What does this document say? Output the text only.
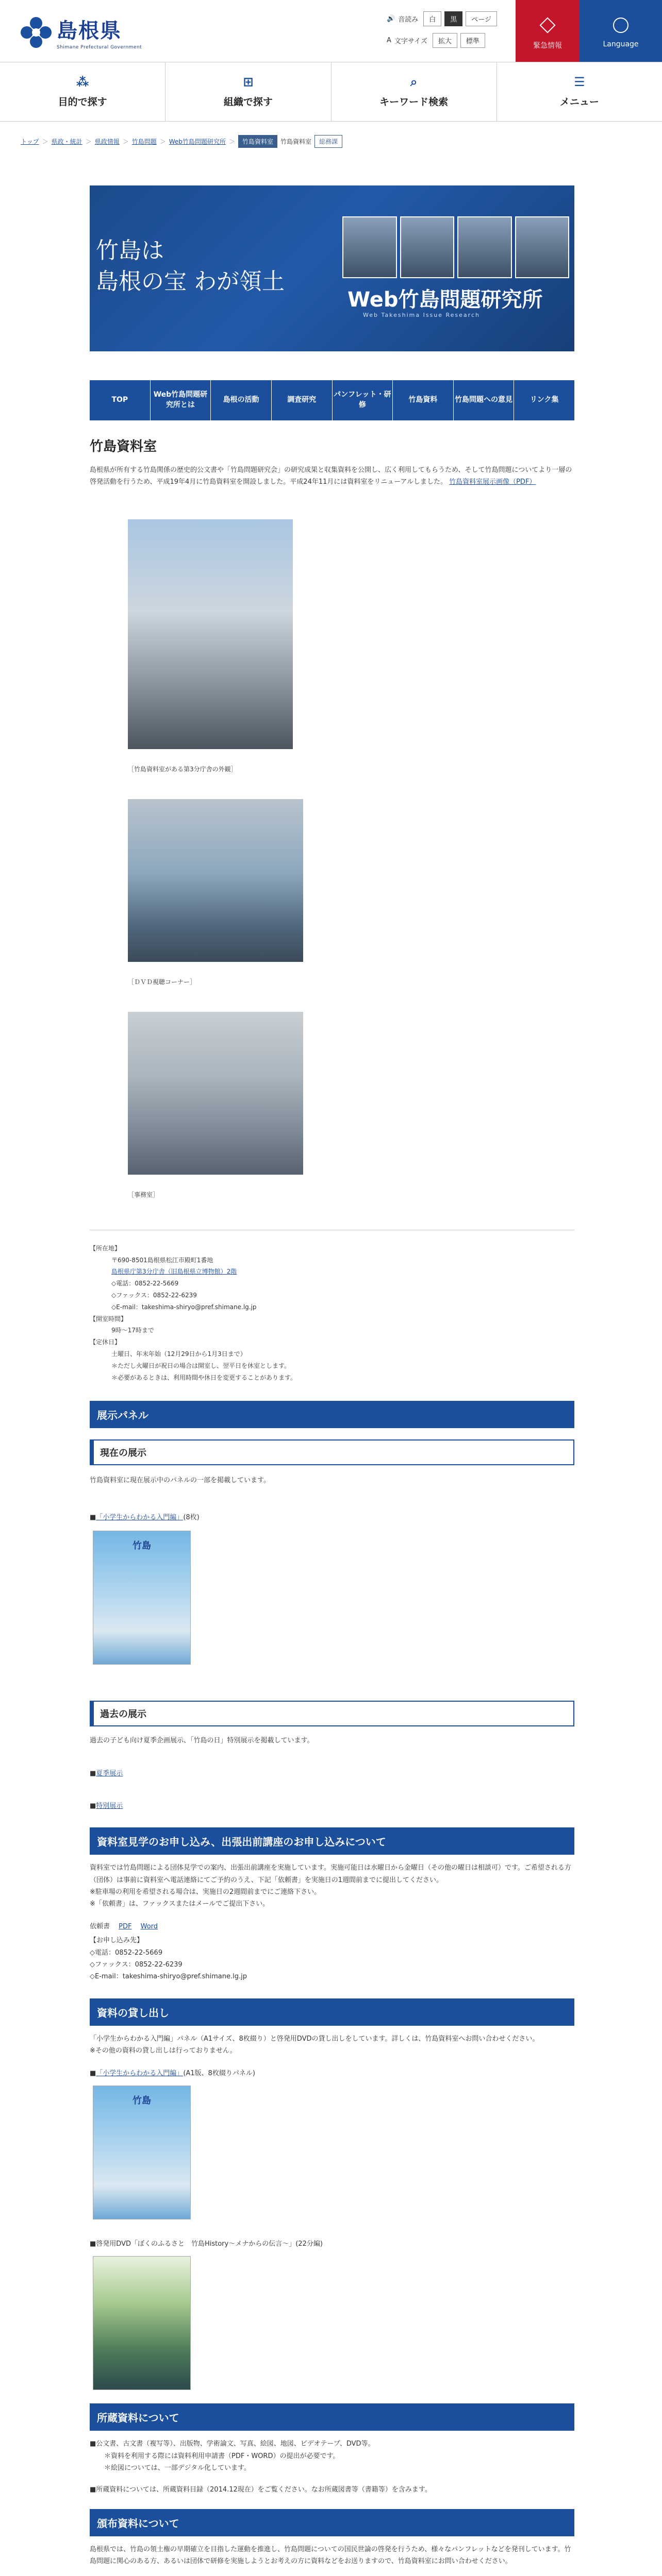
島根県
Shimane Prefectural Government
🔊 音読み	白	黒	ページ
A 文字サイズ	拡大	標準
緊急情報	Language
⁂
目的で探す
⊞
組織で探す
⌕
キーワード検索
☰
メニュー
トップ ＞ 県政・統計 ＞ 県政情報 ＞ 竹島問題 ＞ Web竹島問題研究所 ＞	竹島資料室	竹島資料室	総務課
竹島は
島根の宝 わが領土
Web竹島問題研究所
Web Takeshima Issue Research
TOP
Web竹島問題研究所とは
島根の活動	調査研究
パンフレット・研修
竹島資料	竹島問題への意見	リンク集
竹島資料室
島根県が所有する竹島関係の歴史的公文書や「竹島問題研究会」の研究成果と収集資料を公開し、広く利用してもらうため、そして竹島問題についてより一層の啓発活動を行うため、平成19年4月に竹島資料室を開設しました。平成24年11月には資料室をリニューアルしました。 竹島資料室展示画像（PDF）
［竹島資料室がある第3分庁舎の外観］
［ＤＶＤ視聴コーナー］
［事務室］
【所在地】
〒690-8501島根県松江市殿町1番地
島根県庁第3分庁舎（旧島根県立博物館）2階
◇電話：0852-22-5669
◇ファックス：0852-22-6239
◇E-mail：takeshima-shiryo@pref.shimane.lg.jp
【開室時間】
9時～17時まで
【定休日】
土曜日、年末年始（12月29日から1月3日まで）
＊ただし火曜日が祝日の場合は開室し、翌平日を休室とします。
＊必要があるときは、利用時間や休日を変更することがあります。
展示パネル
現在の展示
竹島資料室に現在展示中のパネルの一部を掲載しています。
■「小学生からわかる入門編」(8枚)
竹島
過去の展示
過去の子ども向け夏季企画展示、「竹島の日」特別展示を掲載しています。
■夏季展示
■特別展示
資料室見学のお申し込み、出張出前講座のお申し込みについて
資料室では竹島問題による団体見学での案内、出張出前講座を実施しています。実施可能日は水曜日から金曜日（その他の曜日は相談可）です。ご希望される方（団体）は事前に資料室へ電話連絡にてご予約のうえ、下記「依頼書」を実施日の1週間前までに提出してください。
※駐車場の利用を希望される場合は、実施日の2週間前までにご連絡下さい。
※「依頼書」は、ファックスまたはメールでご提出下さい。
依頼書　 PDF　 Word
【お申し込み先】
◇電話：0852-22-5669
◇ファックス：0852-22-6239
◇E-mail：takeshima-shiryo@pref.shimane.lg.jp
資料の貸し出し
「小学生からわかる入門編」パネル（A1サイズ、8枚綴り）と啓発用DVDの貸し出しをしています。詳しくは、竹島資料室へお問い合わせください。
※その他の資料の貸し出しは行っておりません。
■「小学生からわかる入門編」(A1版、8枚綴りパネル)
竹島
■啓発用DVD「ぼくのふるさと　竹島History～メナからの伝言～」(22分編)
所蔵資料について
■公文書、古文書（複写等）、出版物、学術論文、写真、絵図、地図、ビデオテープ、DVD等。
＊資料を利用する際には資料利用申請書（PDF・WORD）の提出が必要です。
＊絵図については、一部デジタル化しています。
■所蔵資料については、所蔵資料目録（2014.12現在）をご覧ください。なお所蔵図書等（書籍等）を含みます。
頒布資料について
島根県では、竹島の領土権の早期確立を目指した運動を推進し、竹島問題についての国民世論の啓発を行うため、様々なパンフレットなどを発刊しています。竹島問題に関心のある方、あるいは団体で研修を実施しようとお考えの方に資料などをお送りますので、竹島資料室にお問い合わせください。
